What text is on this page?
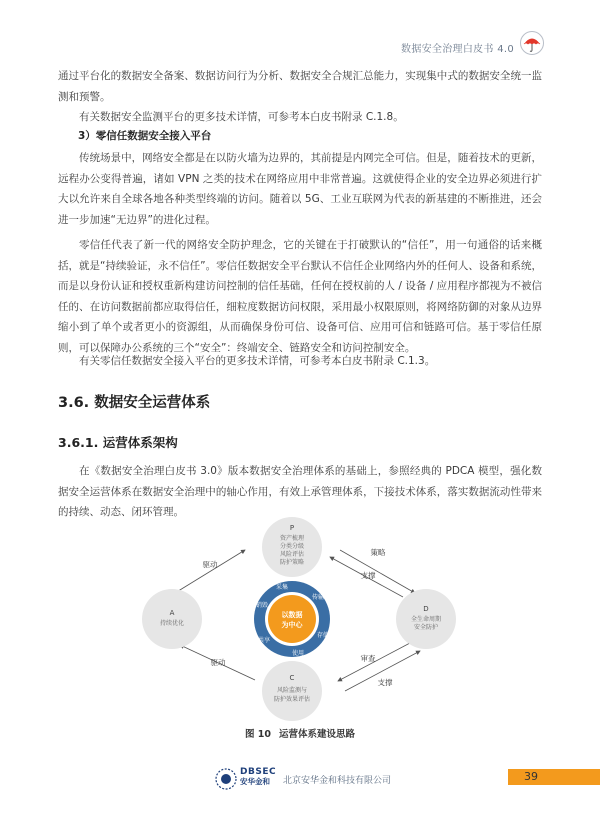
数据安全治理白皮书 4.0

通过平台化的数据安全备案、数据访问行为分析、数据安全合规汇总能力，实现集中式的数据安全统一监测和预警。

有关数据安全监测平台的更多技术详情，可参考本白皮书附录 C.1.8。

3）零信任数据安全接入平台

传统场景中，网络安全都是在以防火墙为边界的，其前提是内网完全可信。但是，随着技术的更新，远程办公变得普遍，诸如 VPN 之类的技术在网络应用中非常普遍。这就使得企业的安全边界必须进行扩大以允许来自全球各地各种类型终端的访问。随着以 5G、工业互联网为代表的新基建的不断推进，还会进一步加速“无边界”的进化过程。

零信任代表了新一代的网络安全防护理念，它的关键在于打破默认的“信任”，用一句通俗的话来概括，就是“持续验证，永不信任”。零信任数据安全平台默认不信任企业网络内外的任何人、设备和系统，而是以身份认证和授权重新构建访问控制的信任基础，任何在授权前的人 / 设备 / 应用程序都视为不被信任的、在访问数据前都应取得信任，细粒度数据访问权限，采用最小权限原则，将网络防御的对象从边界缩小到了单个或者更小的资源组，从而确保身份可信、设备可信、应用可信和链路可信。基于零信任原则，可以保障办公系统的三个“安全”：终端安全、链路安全和访问控制安全。

有关零信任数据安全接入平台的更多技术详情，可参考本白皮书附录 C.1.3。

3.6. 数据安全运营体系
3.6.1. 运营体系架构

在《数据安全治理白皮书 3.0》版本数据安全治理体系的基础上，参照经典的 PDCA 模型，强化数据安全运营体系在数据安全治理中的轴心作用，有效上承管理体系，下接技术体系，落实数据流动性带来的持续、动态、闭环管理。

驱动
驱动
策略
支撑
审查
支撑
P
资产梳理
分类分级
风险评估
防护策略
A
持续优化
D
全生命周期
安全防护
C
风险监测与
防护效果评估
以数据
为中心
采集
传输
存储
使用
共享
销毁

图 10 运营体系建设思路

DBSEC
安华金和	北京安华金和科技有限公司	39
